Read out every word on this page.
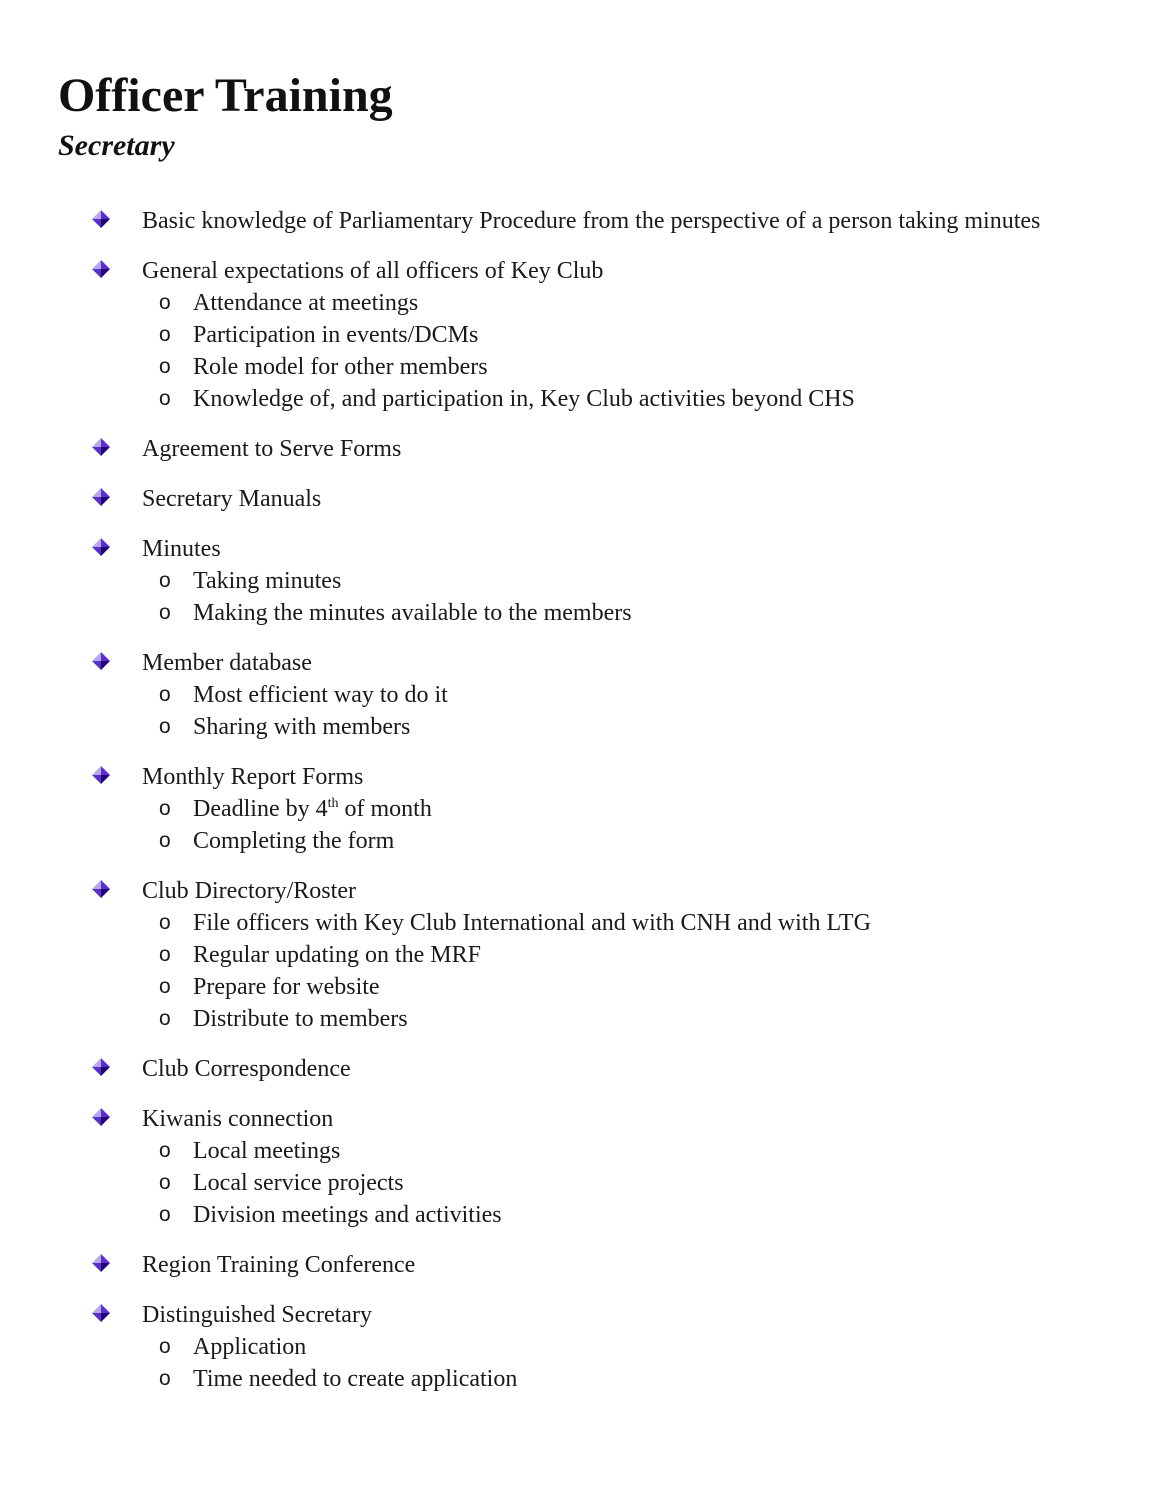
Officer Training
Secretary
Basic knowledge of Parliamentary Procedure from the perspective of a person taking minutes
General expectations of all officers of Key Club
o Attendance at meetings
o Participation in events/DCMs
o Role model for other members
o Knowledge of, and participation in, Key Club activities beyond CHS
Agreement to Serve Forms
Secretary Manuals
Minutes
o Taking minutes
o Making the minutes available to the members
Member database
o Most efficient way to do it
o Sharing with members
Monthly Report Forms
o Deadline by 4th of month
o Completing the form
Club Directory/Roster
o File officers with Key Club International and with CNH and with LTG
o Regular updating on the MRF
o Prepare for website
o Distribute to members
Club Correspondence
Kiwanis connection
o Local meetings
o Local service projects
o Division meetings and activities
Region Training Conference
Distinguished Secretary
o Application
o Time needed to create application
